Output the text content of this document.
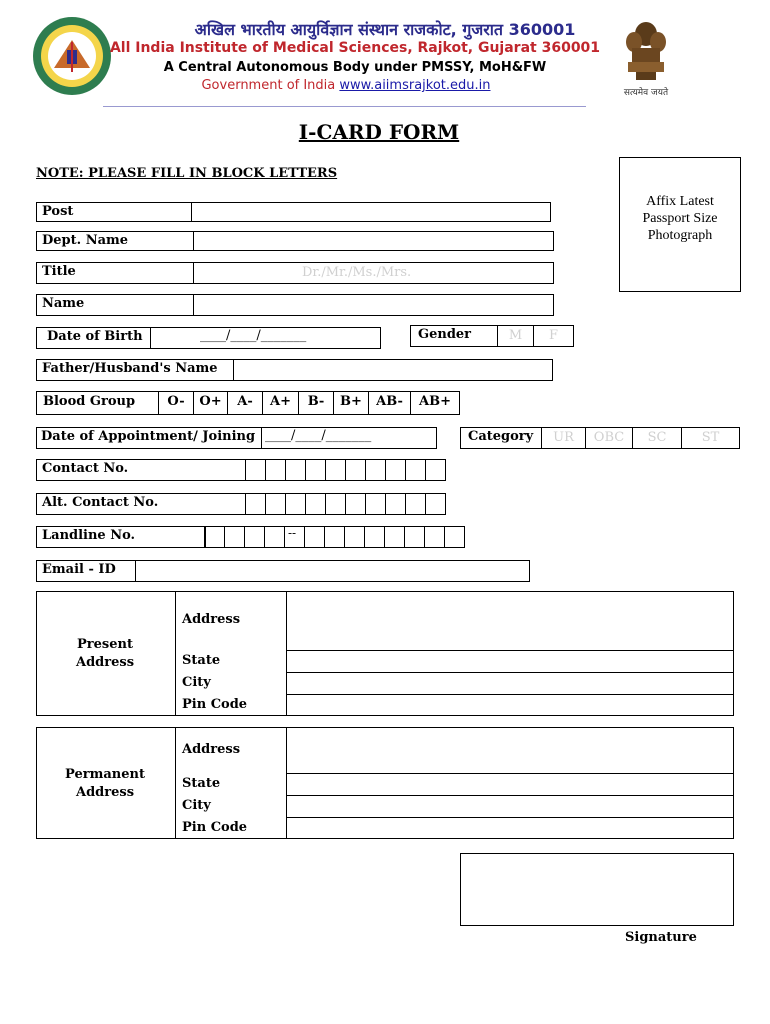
अखिल भारतीय आयुर्विज्ञान संस्थान राजकोट, गुजरात 360001
All India Institute of Medical Sciences, Rajkot, Gujarat 360001
A Central Autonomous Body under PMSSY, MoH&FW
Government of India www.aiimsrajkot.edu.in	सत्यमेव जयते
I-CARD FORM
NOTE: PLEASE FILL IN BLOCK LETTERS
Affix Latest Passport Size Photograph
Post
Dept. Name
Title	Dr./Mr./Ms./Mrs.
Name
Date of Birth	____/____/_______	Gender	M	F
Father/Husband's Name
Blood Group	O-	O+	A-	A+	B-	B+	AB-	AB+
Date of Appointment/ Joining ____/____/_______	Category	UR	OBC	SC	ST
Contact No.
Alt. Contact No.
Landline No.	--
Email - ID
Present Address
Address
State
City
Pin Code
Permanent Address
Address
State
City
Pin Code
Signature
